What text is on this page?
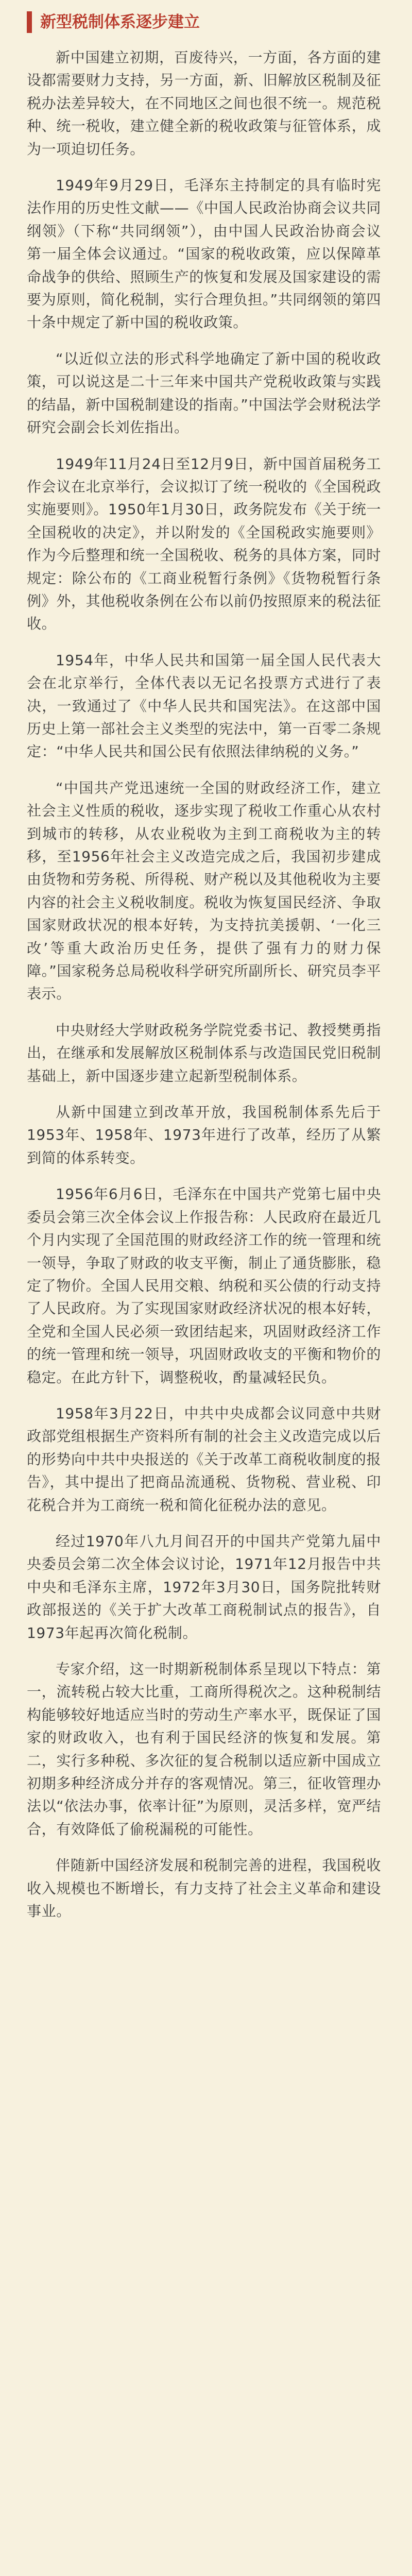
新型税制体系逐步建立

新中国建立初期，百废待兴，一方面，各方面的建设都需要财力支持，另一方面，新、旧解放区税制及征税办法差异较大，在不同地区之间也很不统一。规范税种、统一税收，建立健全新的税收政策与征管体系，成为一项迫切任务。

1949年9月29日，毛泽东主持制定的具有临时宪法作用的历史性文献——《中国人民政治协商会议共同纲领》（下称“共同纲领”），由中国人民政治协商会议第一届全体会议通过。“国家的税收政策，应以保障革命战争的供给、照顾生产的恢复和发展及国家建设的需要为原则，简化税制，实行合理负担。”共同纲领的第四十条中规定了新中国的税收政策。

“以近似立法的形式科学地确定了新中国的税收政策，可以说这是二十三年来中国共产党税收政策与实践的结晶，新中国税制建设的指南。”中国法学会财税法学研究会副会长刘佐指出。

1949年11月24日至12月9日，新中国首届税务工作会议在北京举行，会议拟订了统一税收的《全国税政实施要则》。1950年1月30日，政务院发布《关于统一全国税收的决定》，并以附发的《全国税政实施要则》作为今后整理和统一全国税收、税务的具体方案，同时规定：除公布的《工商业税暂行条例》《货物税暂行条例》外，其他税收条例在公布以前仍按照原来的税法征收。

1954年，中华人民共和国第一届全国人民代表大会在北京举行，全体代表以无记名投票方式进行了表决，一致通过了《中华人民共和国宪法》。在这部中国历史上第一部社会主义类型的宪法中，第一百零二条规定：“中华人民共和国公民有依照法律纳税的义务。”

“中国共产党迅速统一全国的财政经济工作，建立社会主义性质的税收，逐步实现了税收工作重心从农村到城市的转移，从农业税收为主到工商税收为主的转移，至1956年社会主义改造完成之后，我国初步建成由货物和劳务税、所得税、财产税以及其他税收为主要内容的社会主义税收制度。税收为恢复国民经济、争取国家财政状况的根本好转，为支持抗美援朝、‘一化三改’等重大政治历史任务，提供了强有力的财力保障。”国家税务总局税收科学研究所副所长、研究员李平表示。

中央财经大学财政税务学院党委书记、教授樊勇指出，在继承和发展解放区税制体系与改造国民党旧税制基础上，新中国逐步建立起新型税制体系。

从新中国建立到改革开放，我国税制体系先后于1953年、1958年、1973年进行了改革，经历了从繁到简的体系转变。

1956年6月6日，毛泽东在中国共产党第七届中央委员会第三次全体会议上作报告称：人民政府在最近几个月内实现了全国范围的财政经济工作的统一管理和统一领导，争取了财政的收支平衡，制止了通货膨胀，稳定了物价。全国人民用交粮、纳税和买公债的行动支持了人民政府。为了实现国家财政经济状况的根本好转，全党和全国人民必须一致团结起来，巩固财政经济工作的统一管理和统一领导，巩固财政收支的平衡和物价的稳定。在此方针下，调整税收，酌量减轻民负。

1958年3月22日，中共中央成都会议同意中共财政部党组根据生产资料所有制的社会主义改造完成以后的形势向中共中央报送的《关于改革工商税收制度的报告》，其中提出了把商品流通税、货物税、营业税、印花税合并为工商统一税和简化征税办法的意见。

经过1970年八九月间召开的中国共产党第九届中央委员会第二次全体会议讨论，1971年12月报告中共中央和毛泽东主席，1972年3月30日，国务院批转财政部报送的《关于扩大改革工商税制试点的报告》，自1973年起再次简化税制。

专家介绍，这一时期新税制体系呈现以下特点：第一，流转税占较大比重，工商所得税次之。这种税制结构能够较好地适应当时的劳动生产率水平，既保证了国家的财政收入，也有利于国民经济的恢复和发展。第二，实行多种税、多次征的复合税制以适应新中国成立初期多种经济成分并存的客观情况。第三，征收管理办法以“依法办事，依率计征”为原则，灵活多样，宽严结合，有效降低了偷税漏税的可能性。

伴随新中国经济发展和税制完善的进程，我国税收收入规模也不断增长，有力支持了社会主义革命和建设事业。
